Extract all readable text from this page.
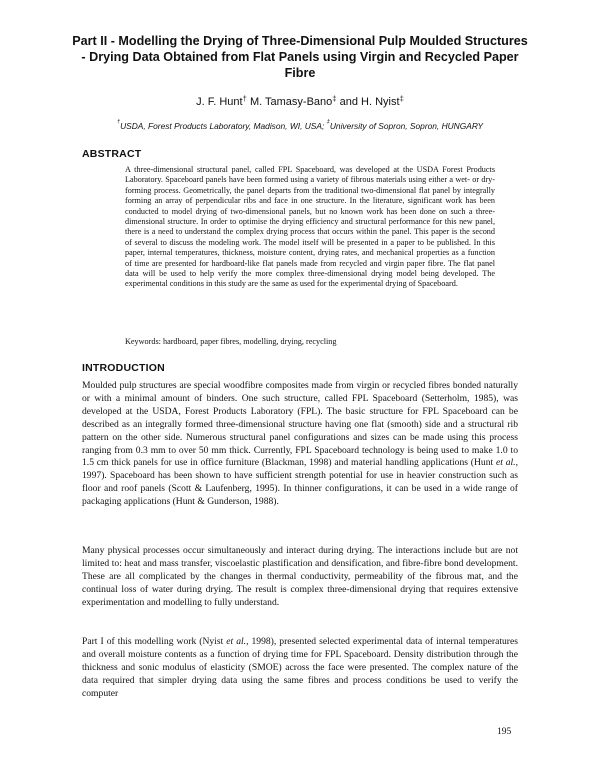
Part II - Modelling the Drying of Three-Dimensional Pulp Moulded Structures - Drying Data Obtained from Flat Panels using Virgin and Recycled Paper Fibre
J. F. Hunt† M. Tamasy-Bano‡ and H. Nyist‡
†USDA, Forest Products Laboratory, Madison, WI, USA; ‡University of Sopron, Sopron, HUNGARY
ABSTRACT

A three-dimensional structural panel, called FPL Spaceboard, was developed at the USDA Forest Products Laboratory. Spaceboard panels have been formed using a variety of fibrous materials using either a wet- or dry-forming process. Geometrically, the panel departs from the traditional two-dimensional flat panel by integrally forming an array of perpendicular ribs and face in one structure. In the literature, significant work has been conducted to model drying of two-dimensional panels, but no known work has been done on such a three-dimensional structure. In order to optimise the drying efficiency and structural performance for this new panel, there is a need to understand the complex drying process that occurs within the panel. This paper is the second of several to discuss the modeling work. The model itself will be presented in a paper to be published. In this paper, internal temperatures, thickness, moisture content, drying rates, and mechanical properties as a function of time are presented for hardboard-like flat panels made from recycled and virgin paper fibre. The flat panel data will be used to help verify the more complex three-dimensional drying model being developed. The experimental conditions in this study are the same as used for the experimental drying of Spaceboard.

Keywords: hardboard, paper fibres, modelling, drying, recycling

INTRODUCTION

Moulded pulp structures are special woodfibre composites made from virgin or recycled fibres bonded naturally or with a minimal amount of binders. One such structure, called FPL Spaceboard (Setterholm, 1985), was developed at the USDA, Forest Products Laboratory (FPL). The basic structure for FPL Spaceboard can be described as an integrally formed three-dimensional structure having one flat (smooth) side and a structural rib pattern on the other side. Numerous structural panel configurations and sizes can be made using this process ranging from 0.3 mm to over 50 mm thick. Currently, FPL Spaceboard technology is being used to make 1.0 to 1.5 cm thick panels for use in office furniture (Blackman, 1998) and material handling applications (Hunt et al., 1997). Spaceboard has been shown to have sufficient strength potential for use in heavier construction such as floor and roof panels (Scott & Laufenberg, 1995). In thinner configurations, it can be used in a wide range of packaging applications (Hunt & Gunderson, 1988).

Many physical processes occur simultaneously and interact during drying. The interactions include but are not limited to: heat and mass transfer, viscoelastic plastification and densification, and fibre-fibre bond development. These are all complicated by the changes in thermal conductivity, permeability of the fibrous mat, and the continual loss of water during drying. The result is complex three-dimensional drying that requires extensive experimentation and modelling to fully understand.

Part I of this modelling work (Nyist et al., 1998), presented selected experimental data of internal temperatures and overall moisture contents as a function of drying time for FPL Spaceboard. Density distribution through the thickness and sonic modulus of elasticity (SMOE) across the face were presented. The complex nature of the data required that simpler drying data using the same fibres and process conditions be used to verify the computer

195
